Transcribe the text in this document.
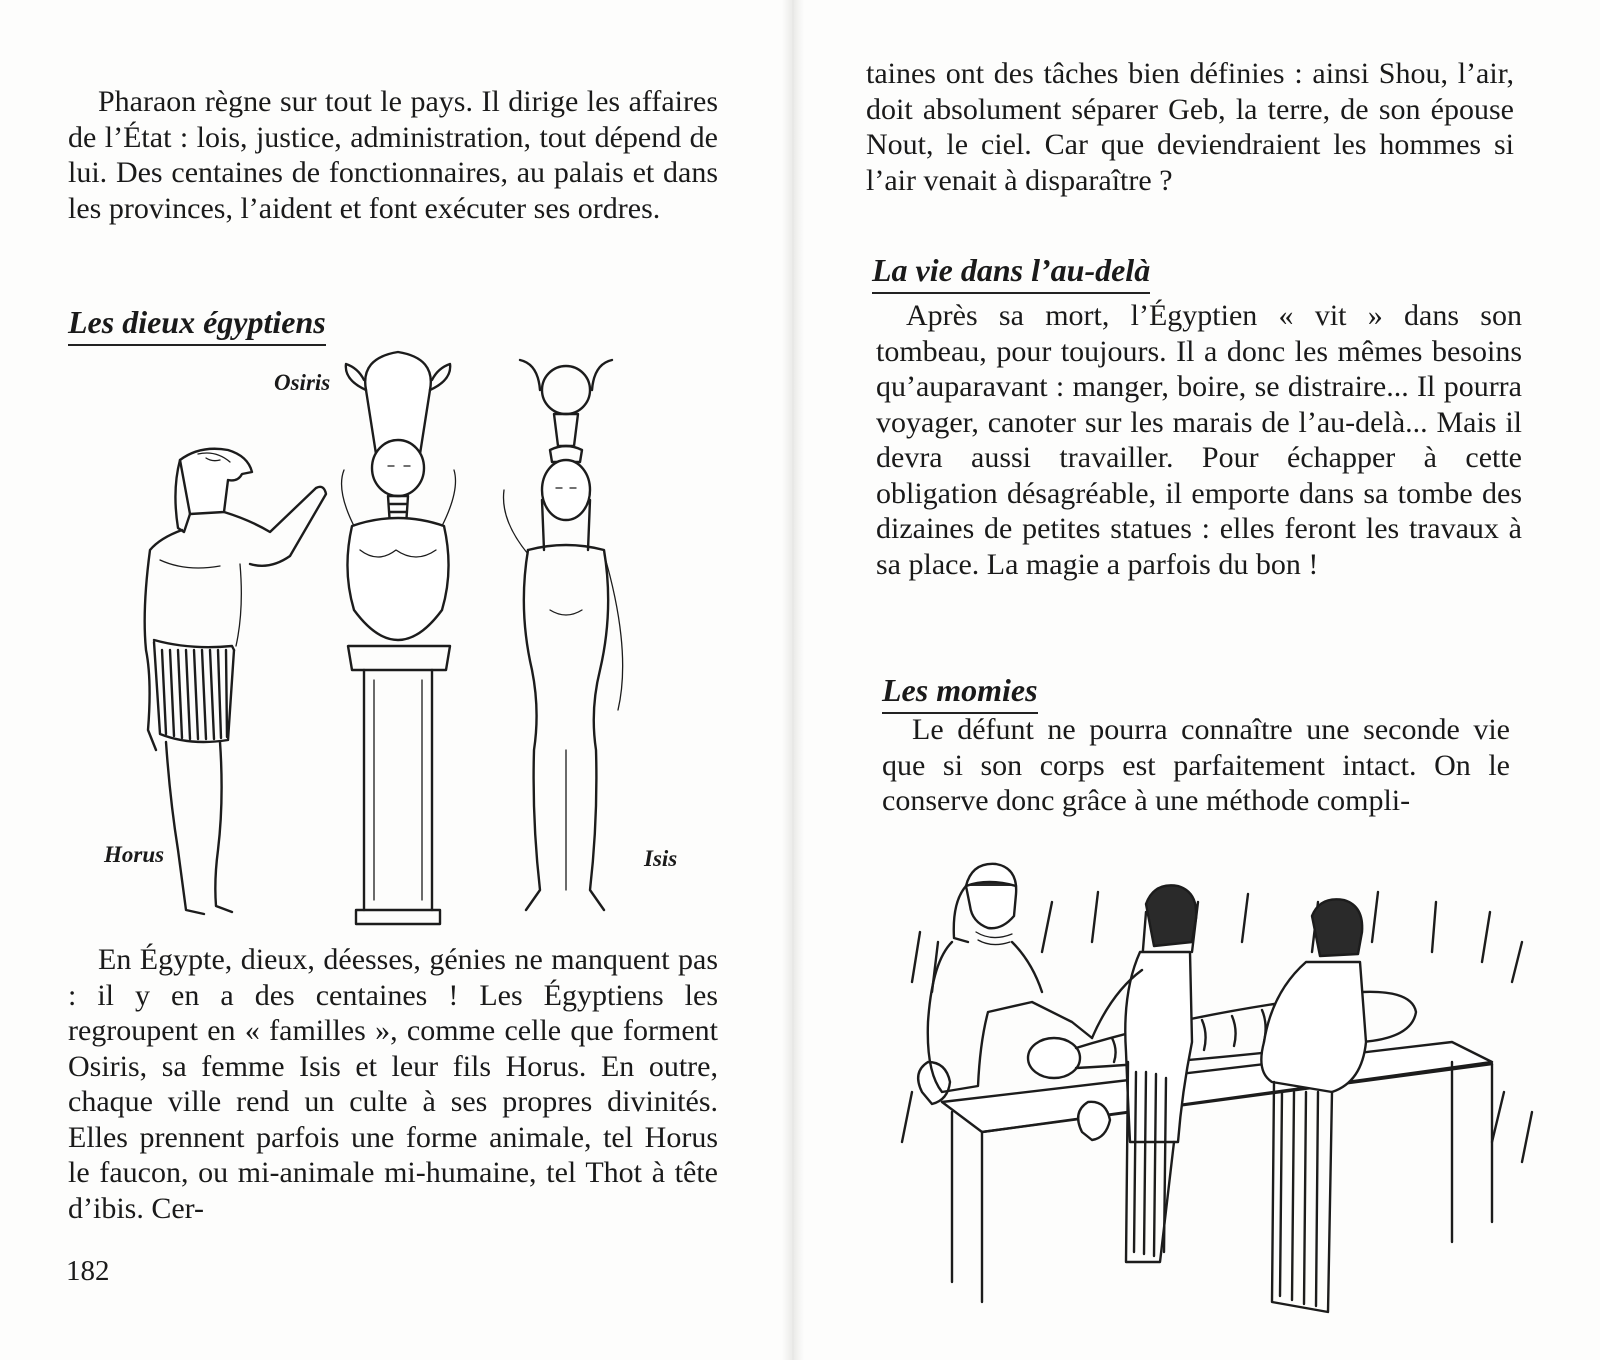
Pharaon règne sur tout le pays. Il dirige les affaires de l’État : lois, justice, administration, tout dépend de lui. Des centaines de fonctionnaires, au palais et dans les provinces, l’aident et font exécuter ses ordres.

Les dieux égyptiens
Osiris
Horus	Isis

En Égypte, dieux, déesses, génies ne manquent pas : il y en a des centaines ! Les Égyptiens les regroupent en « familles », comme celle que forment Osiris, sa femme Isis et leur fils Horus. En outre, chaque ville rend un culte à ses propres divinités. Elles prennent parfois une forme animale, tel Horus le faucon, ou mi-animale mi-humaine, tel Thot à tête d’ibis. Cer-

182

taines ont des tâches bien définies : ainsi Shou, l’air, doit absolument séparer Geb, la terre, de son épouse Nout, le ciel. Car que deviendraient les hommes si l’air venait à disparaître ?

La vie dans l’au-delà

Après sa mort, l’Égyptien « vit » dans son tombeau, pour toujours. Il a donc les mêmes besoins qu’auparavant : manger, boire, se distraire... Il pourra voyager, canoter sur les marais de l’au-delà... Mais il devra aussi travailler. Pour échapper à cette obligation désagréable, il emporte dans sa tombe des dizaines de petites statues : elles feront les travaux à sa place. La magie a parfois du bon !

Les momies

Le défunt ne pourra connaître une seconde vie que si son corps est parfaitement intact. On le conserve donc grâce à une méthode compli-
